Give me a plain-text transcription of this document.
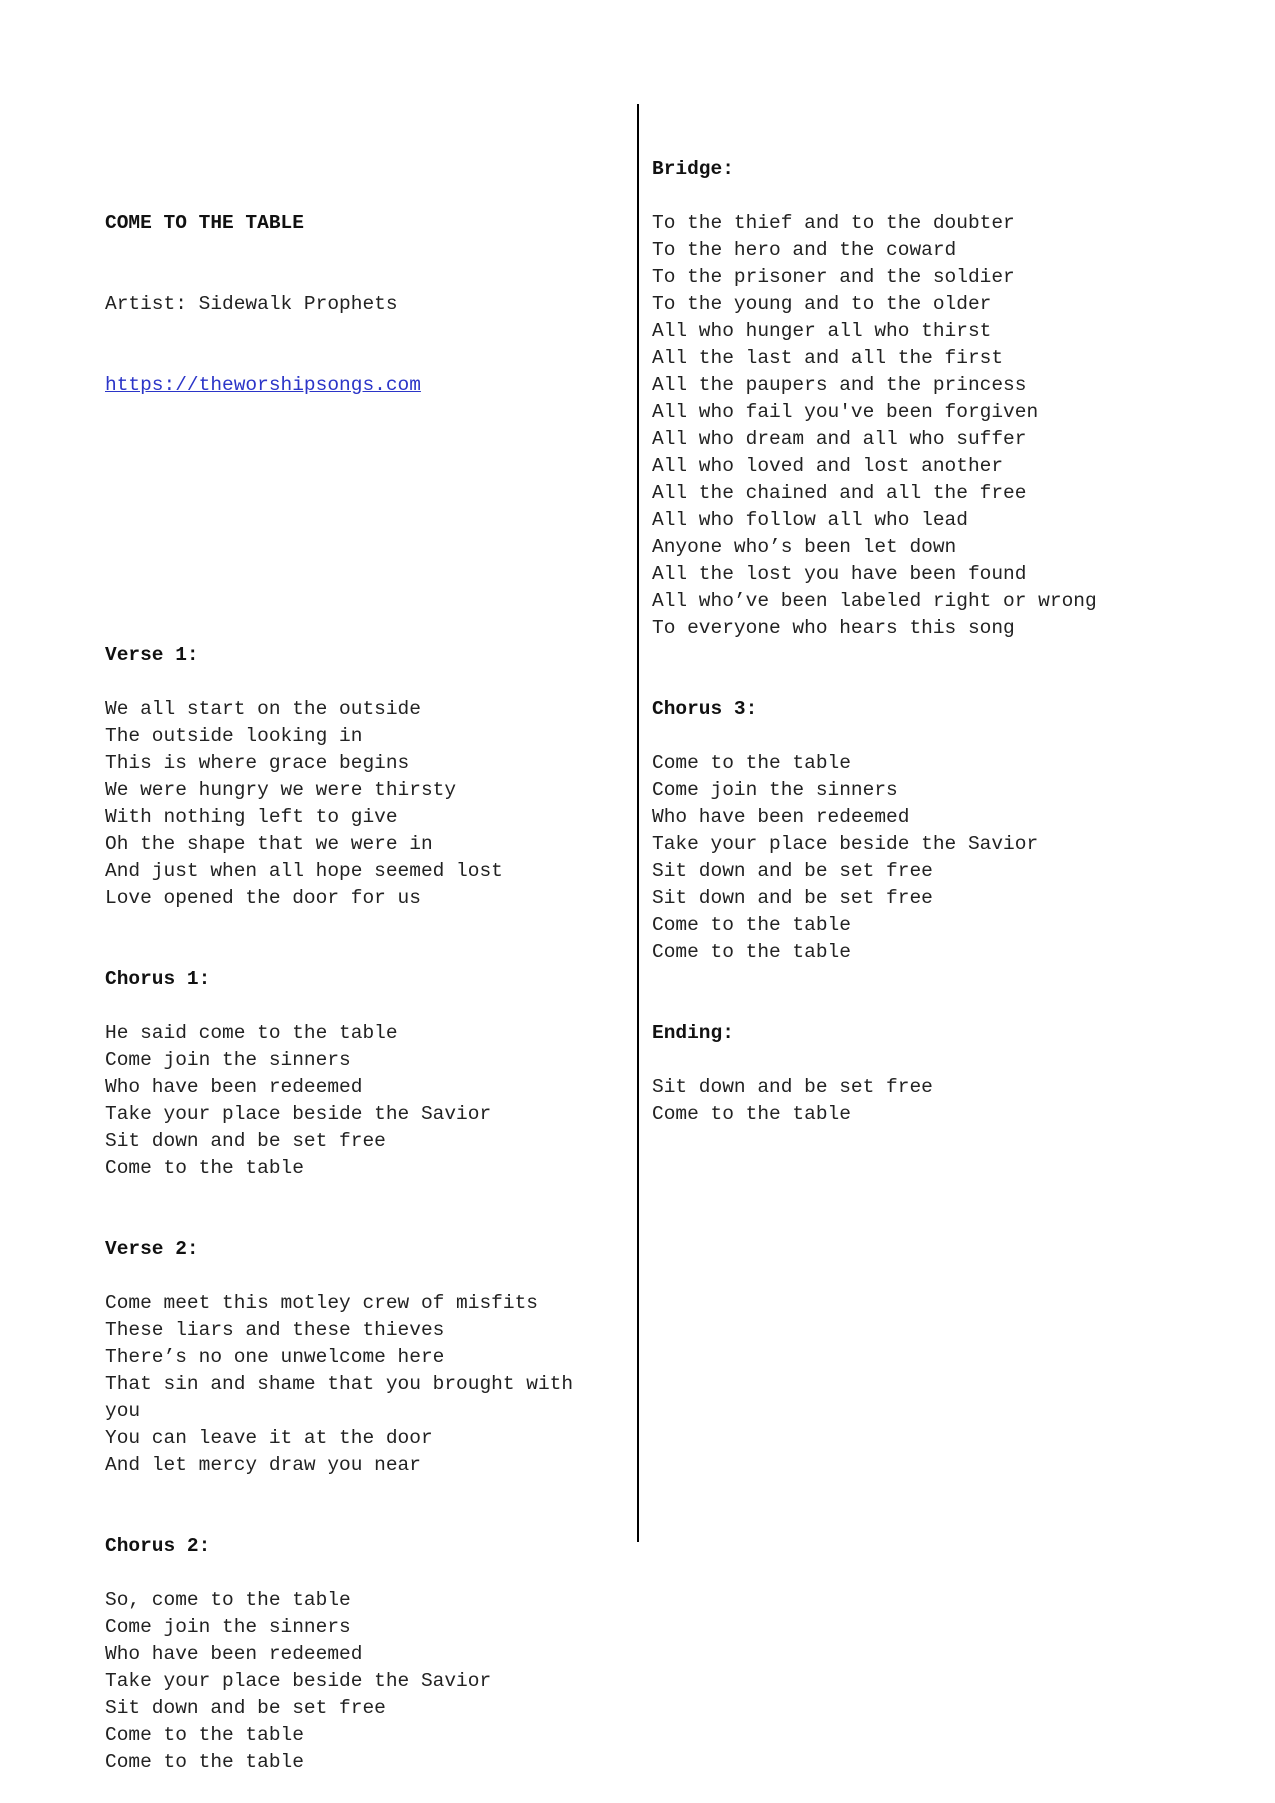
COME TO THE TABLE

Artist: Sidewalk Prophets

https://theworshipsongs.com

Verse 1:
We all start on the outside
The outside looking in
This is where grace begins
We were hungry we were thirsty
With nothing left to give
Oh the shape that we were in
And just when all hope seemed lost
Love opened the door for us
Chorus 1:
He said come to the table
Come join the sinners
Who have been redeemed
Take your place beside the Savior
Sit down and be set free
Come to the table
Verse 2:
Come meet this motley crew of misfits
These liars and these thieves
There’s no one unwelcome here
That sin and shame that you brought with
you
You can leave it at the door
And let mercy draw you near
Chorus 2:
So, come to the table
Come join the sinners
Who have been redeemed
Take your place beside the Savior
Sit down and be set free
Come to the table
Come to the table

Bridge:
To the thief and to the doubter
To the hero and the coward
To the prisoner and the soldier
To the young and to the older
All who hunger all who thirst
All the last and all the first
All the paupers and the princess
All who fail you've been forgiven
All who dream and all who suffer
All who loved and lost another
All the chained and all the free
All who follow all who lead
Anyone who’s been let down
All the lost you have been found
All who’ve been labeled right or wrong
To everyone who hears this song
Chorus 3:
Come to the table
Come join the sinners
Who have been redeemed
Take your place beside the Savior
Sit down and be set free
Sit down and be set free
Come to the table
Come to the table
Ending:
Sit down and be set free
Come to the table
